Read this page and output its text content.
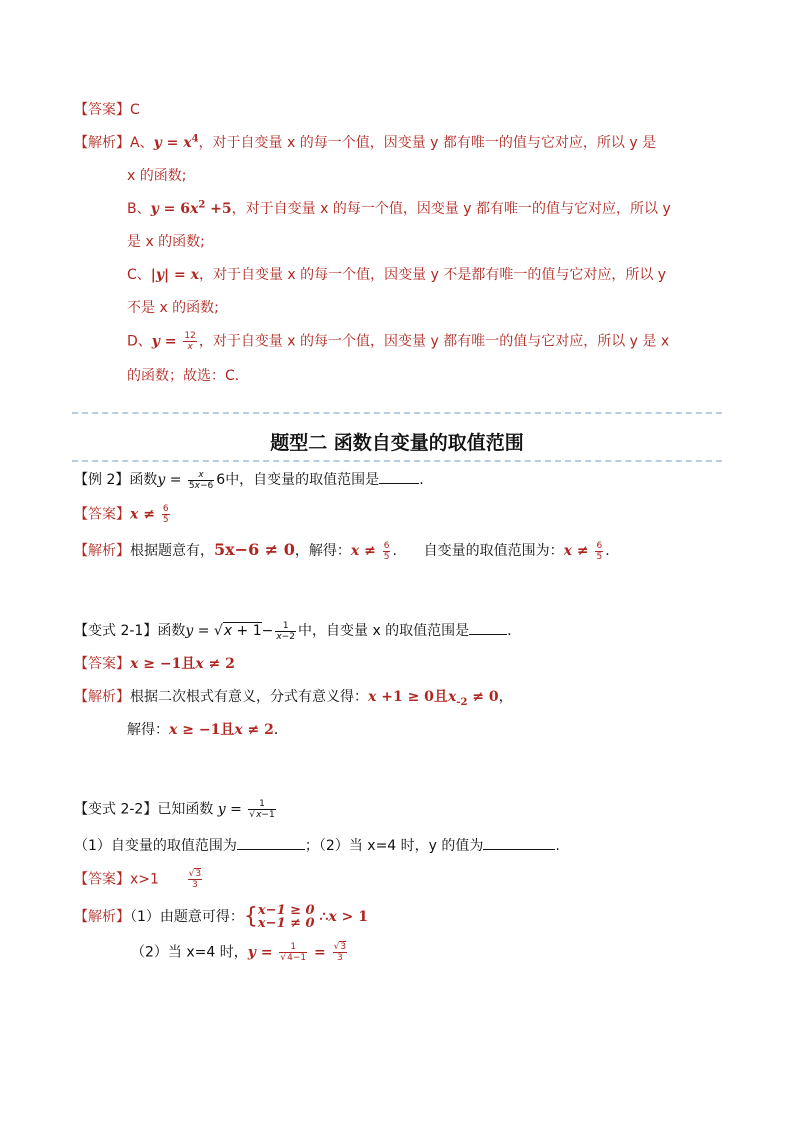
【答案】C
【解析】A、$y = x^4$，对于自变量 x 的每一个值，因变量 y 都有唯一的值与它对应，所以 y 是
x 的函数;
B、$y = 6x^2 +5$，对于自变量 x 的每一个值，因变量 y 都有唯一的值与它对应，所以 y
是 x 的函数;
C、|y| = x，对于自变量 x 的每一个值，因变量 y 不是都有唯一的值与它对应，所以 y
不是 x 的函数;
D、$y = \frac{12}{x}$ ，对于自变量 x 的每一个值，因变量 y 都有唯一的值与它对应，所以 y 是 x
的函数；故选：C．
题型二 函数自变量的取值范围
【例 2】函数$y = \frac{x}{5x-6} 6$中，自变量的取值范围是	.
【答案】$x \ne \frac{6}{5}$
【解析】根据题意有，5x−6 ≠ 0，解得：$x \ne \frac{6}{5}$ .      自变量的取值范围为：$x \ne \frac{6}{5}$ .
【变式 2-1】函数$y = √x + 1- \frac{1}{x-2}$ 中，自变量 x 的取值范围是	．
【答案】x ≥ −1且x ≠ 2
【解析】根据二次根式有意义，分式有意义得：x +1 ≥ 0且$x_{-2} \ne 0$，
解得：x ≥ −1且x ≠ 2．
【变式 2-2】已知函数 $y = \frac{1}{√x-1}$
（1）自变量的取值范围为	；（2）当 x=4 时，y 的值为	.
【答案】x>1	$\frac{√3}{3}$
【解析】（1）由题意可得：{ x−1 ≥ 0
x−1 ≠ 0 ∴x > 1
（2）当 x=4 时，$y = \frac{1}{√4-1} = \frac{√3}{3}$
